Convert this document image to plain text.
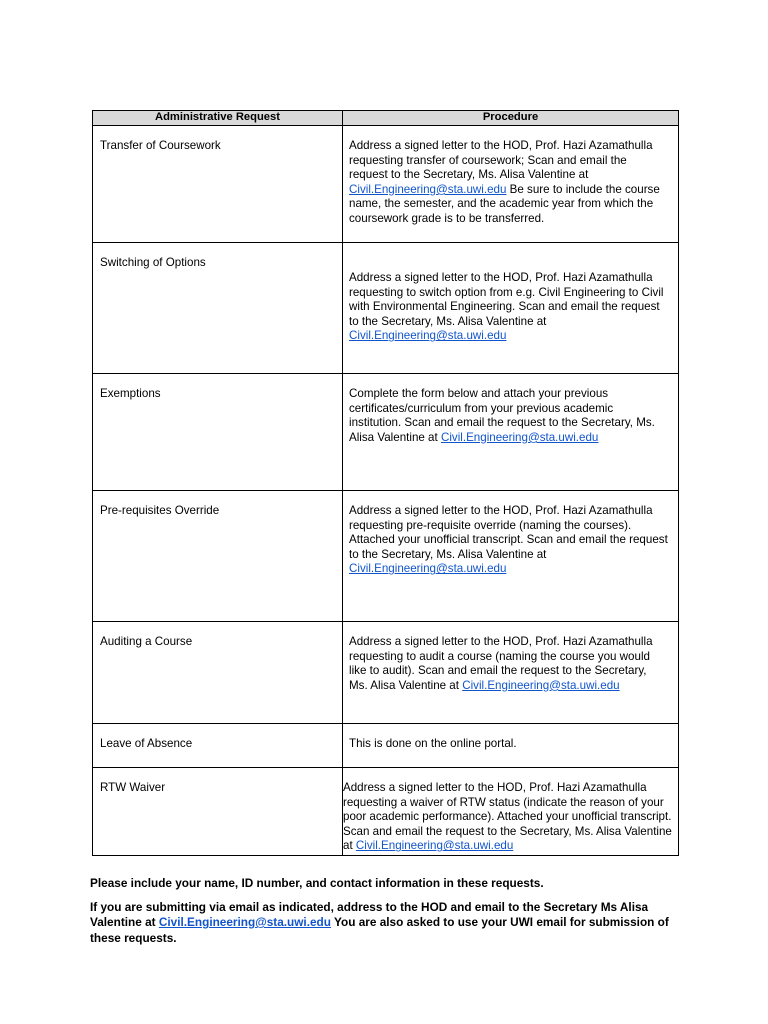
Administrative Request	Procedure
Transfer of Coursework	Address a signed letter to the HOD, Prof. Hazi Azamathulla requesting transfer of coursework; Scan and email the request to the Secretary, Ms. Alisa Valentine at Civil.Engineering@sta.uwi.edu Be sure to include the course name, the semester, and the academic year from which the coursework grade is to be transferred.
Switching of Options	Address a signed letter to the HOD, Prof. Hazi Azamathulla requesting to switch option from e.g. Civil Engineering to Civil with Environmental Engineering. Scan and email the request to the Secretary, Ms. Alisa Valentine at Civil.Engineering@sta.uwi.edu
Exemptions	Complete the form below and attach your previous certificates/curriculum from your previous academic institution. Scan and email the request to the Secretary, Ms. Alisa Valentine at Civil.Engineering@sta.uwi.edu
Pre-requisites Override	Address a signed letter to the HOD, Prof. Hazi Azamathulla requesting pre-requisite override (naming the courses). Attached your unofficial transcript. Scan and email the request to the Secretary, Ms. Alisa Valentine at Civil.Engineering@sta.uwi.edu
Auditing a Course	Address a signed letter to the HOD, Prof. Hazi Azamathulla requesting to audit a course (naming the course you would like to audit). Scan and email the request to the Secretary, Ms. Alisa Valentine at Civil.Engineering@sta.uwi.edu
Leave of Absence	This is done on the online portal.
RTW Waiver	Address a signed letter to the HOD, Prof. Hazi Azamathulla requesting a waiver of RTW status (indicate the reason of your poor academic performance). Attached your unofficial transcript. Scan and email the request to the Secretary, Ms. Alisa Valentine at Civil.Engineering@sta.uwi.edu

Please include your name, ID number, and contact information in these requests.

If you are submitting via email as indicated, address to the HOD and email to the Secretary Ms Alisa Valentine at Civil.Engineering@sta.uwi.edu You are also asked to use your UWI email for submission of these requests.
